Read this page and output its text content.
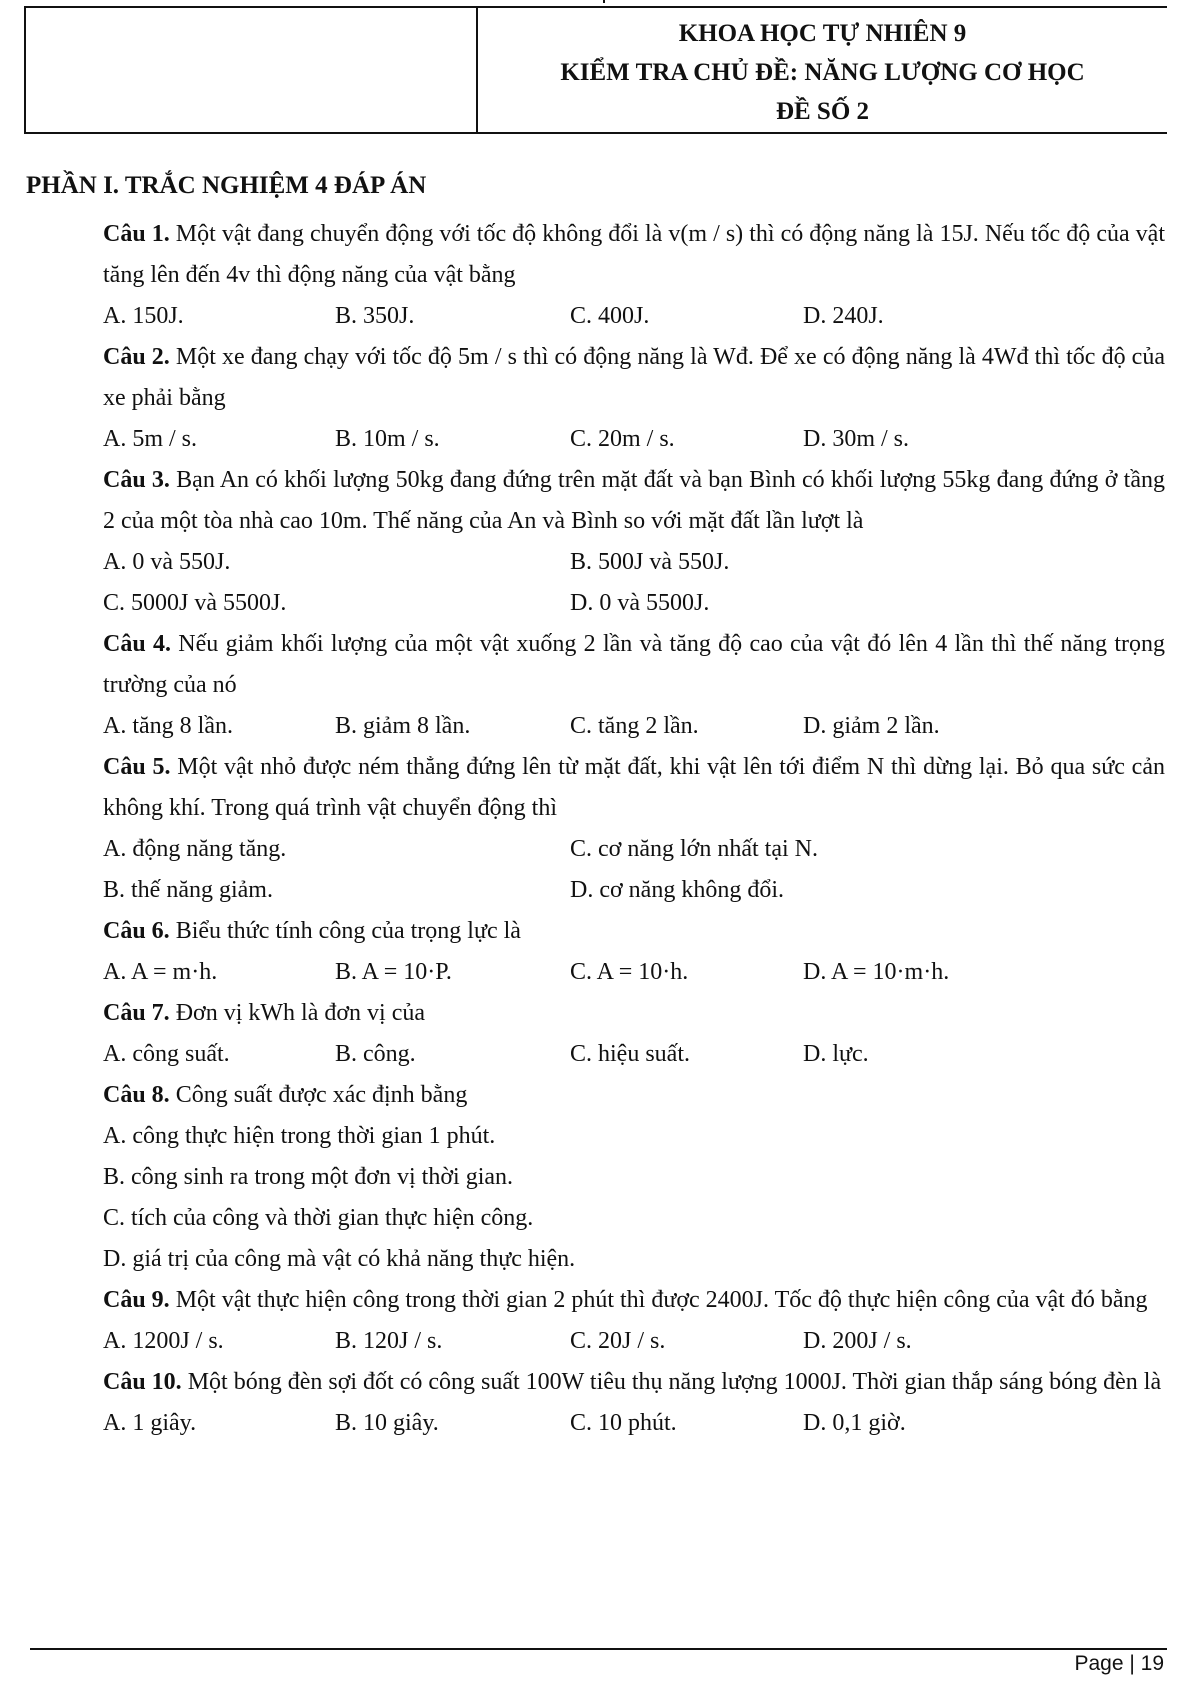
KHOA HỌC TỰ NHIÊN 9
KIỂM TRA CHỦ ĐỀ: NĂNG LƯỢNG CƠ HỌC
ĐỀ SỐ 2
PHẦN I. TRẮC NGHIỆM 4 ĐÁP ÁN
Câu 1. Một vật đang chuyển động với tốc độ không đổi là v(m / s) thì có động năng là 15J. Nếu tốc độ của vật tăng lên đến 4v thì động năng của vật bằng
A. 150J.	B. 350J.	C. 400J.	D. 240J.
Câu 2. Một xe đang chạy với tốc độ 5m / s thì có động năng là Wđ. Để xe có động năng là 4Wđ thì tốc độ của xe phải bằng
A. 5m / s.	B. 10m / s.	C. 20m / s.	D. 30m / s.
Câu 3. Bạn An có khối lượng 50kg đang đứng trên mặt đất và bạn Bình có khối lượng 55kg đang đứng ở tầng 2 của một tòa nhà cao 10m. Thế năng của An và Bình so với mặt đất lần lượt là
A. 0 và 550J.	B. 500J và 550J.
C. 5000J và 5500J.	D. 0 và 5500J.
Câu 4. Nếu giảm khối lượng của một vật xuống 2 lần và tăng độ cao của vật đó lên 4 lần thì thế năng trọng trường của nó
A. tăng 8 lần.	B. giảm 8 lần.	C. tăng 2 lần.	D. giảm 2 lần.
Câu 5. Một vật nhỏ được ném thẳng đứng lên từ mặt đất, khi vật lên tới điểm N thì dừng lại. Bỏ qua sức cản không khí. Trong quá trình vật chuyển động thì
A. động năng tăng.	C. cơ năng lớn nhất tại N.
B. thế năng giảm.	D. cơ năng không đổi.
Câu 6. Biểu thức tính công của trọng lực là
A. A = m·h.	B. A = 10·P.	C. A = 10·h.	D. A = 10·m·h.
Câu 7. Đơn vị kWh là đơn vị của
A. công suất.	B. công.	C. hiệu suất.	D. lực.
Câu 8. Công suất được xác định bằng
A. công thực hiện trong thời gian 1 phút.
B. công sinh ra trong một đơn vị thời gian.
C. tích của công và thời gian thực hiện công.
D. giá trị của công mà vật có khả năng thực hiện.
Câu 9. Một vật thực hiện công trong thời gian 2 phút thì được 2400J. Tốc độ thực hiện công của vật đó bằng
A. 1200J / s.	B. 120J / s.	C. 20J / s.	D. 200J / s.
Câu 10. Một bóng đèn sợi đốt có công suất 100W tiêu thụ năng lượng 1000J. Thời gian thắp sáng bóng đèn là
A. 1 giây.	B. 10 giây.	C. 10 phút.	D. 0,1 giờ.
Page | 19
